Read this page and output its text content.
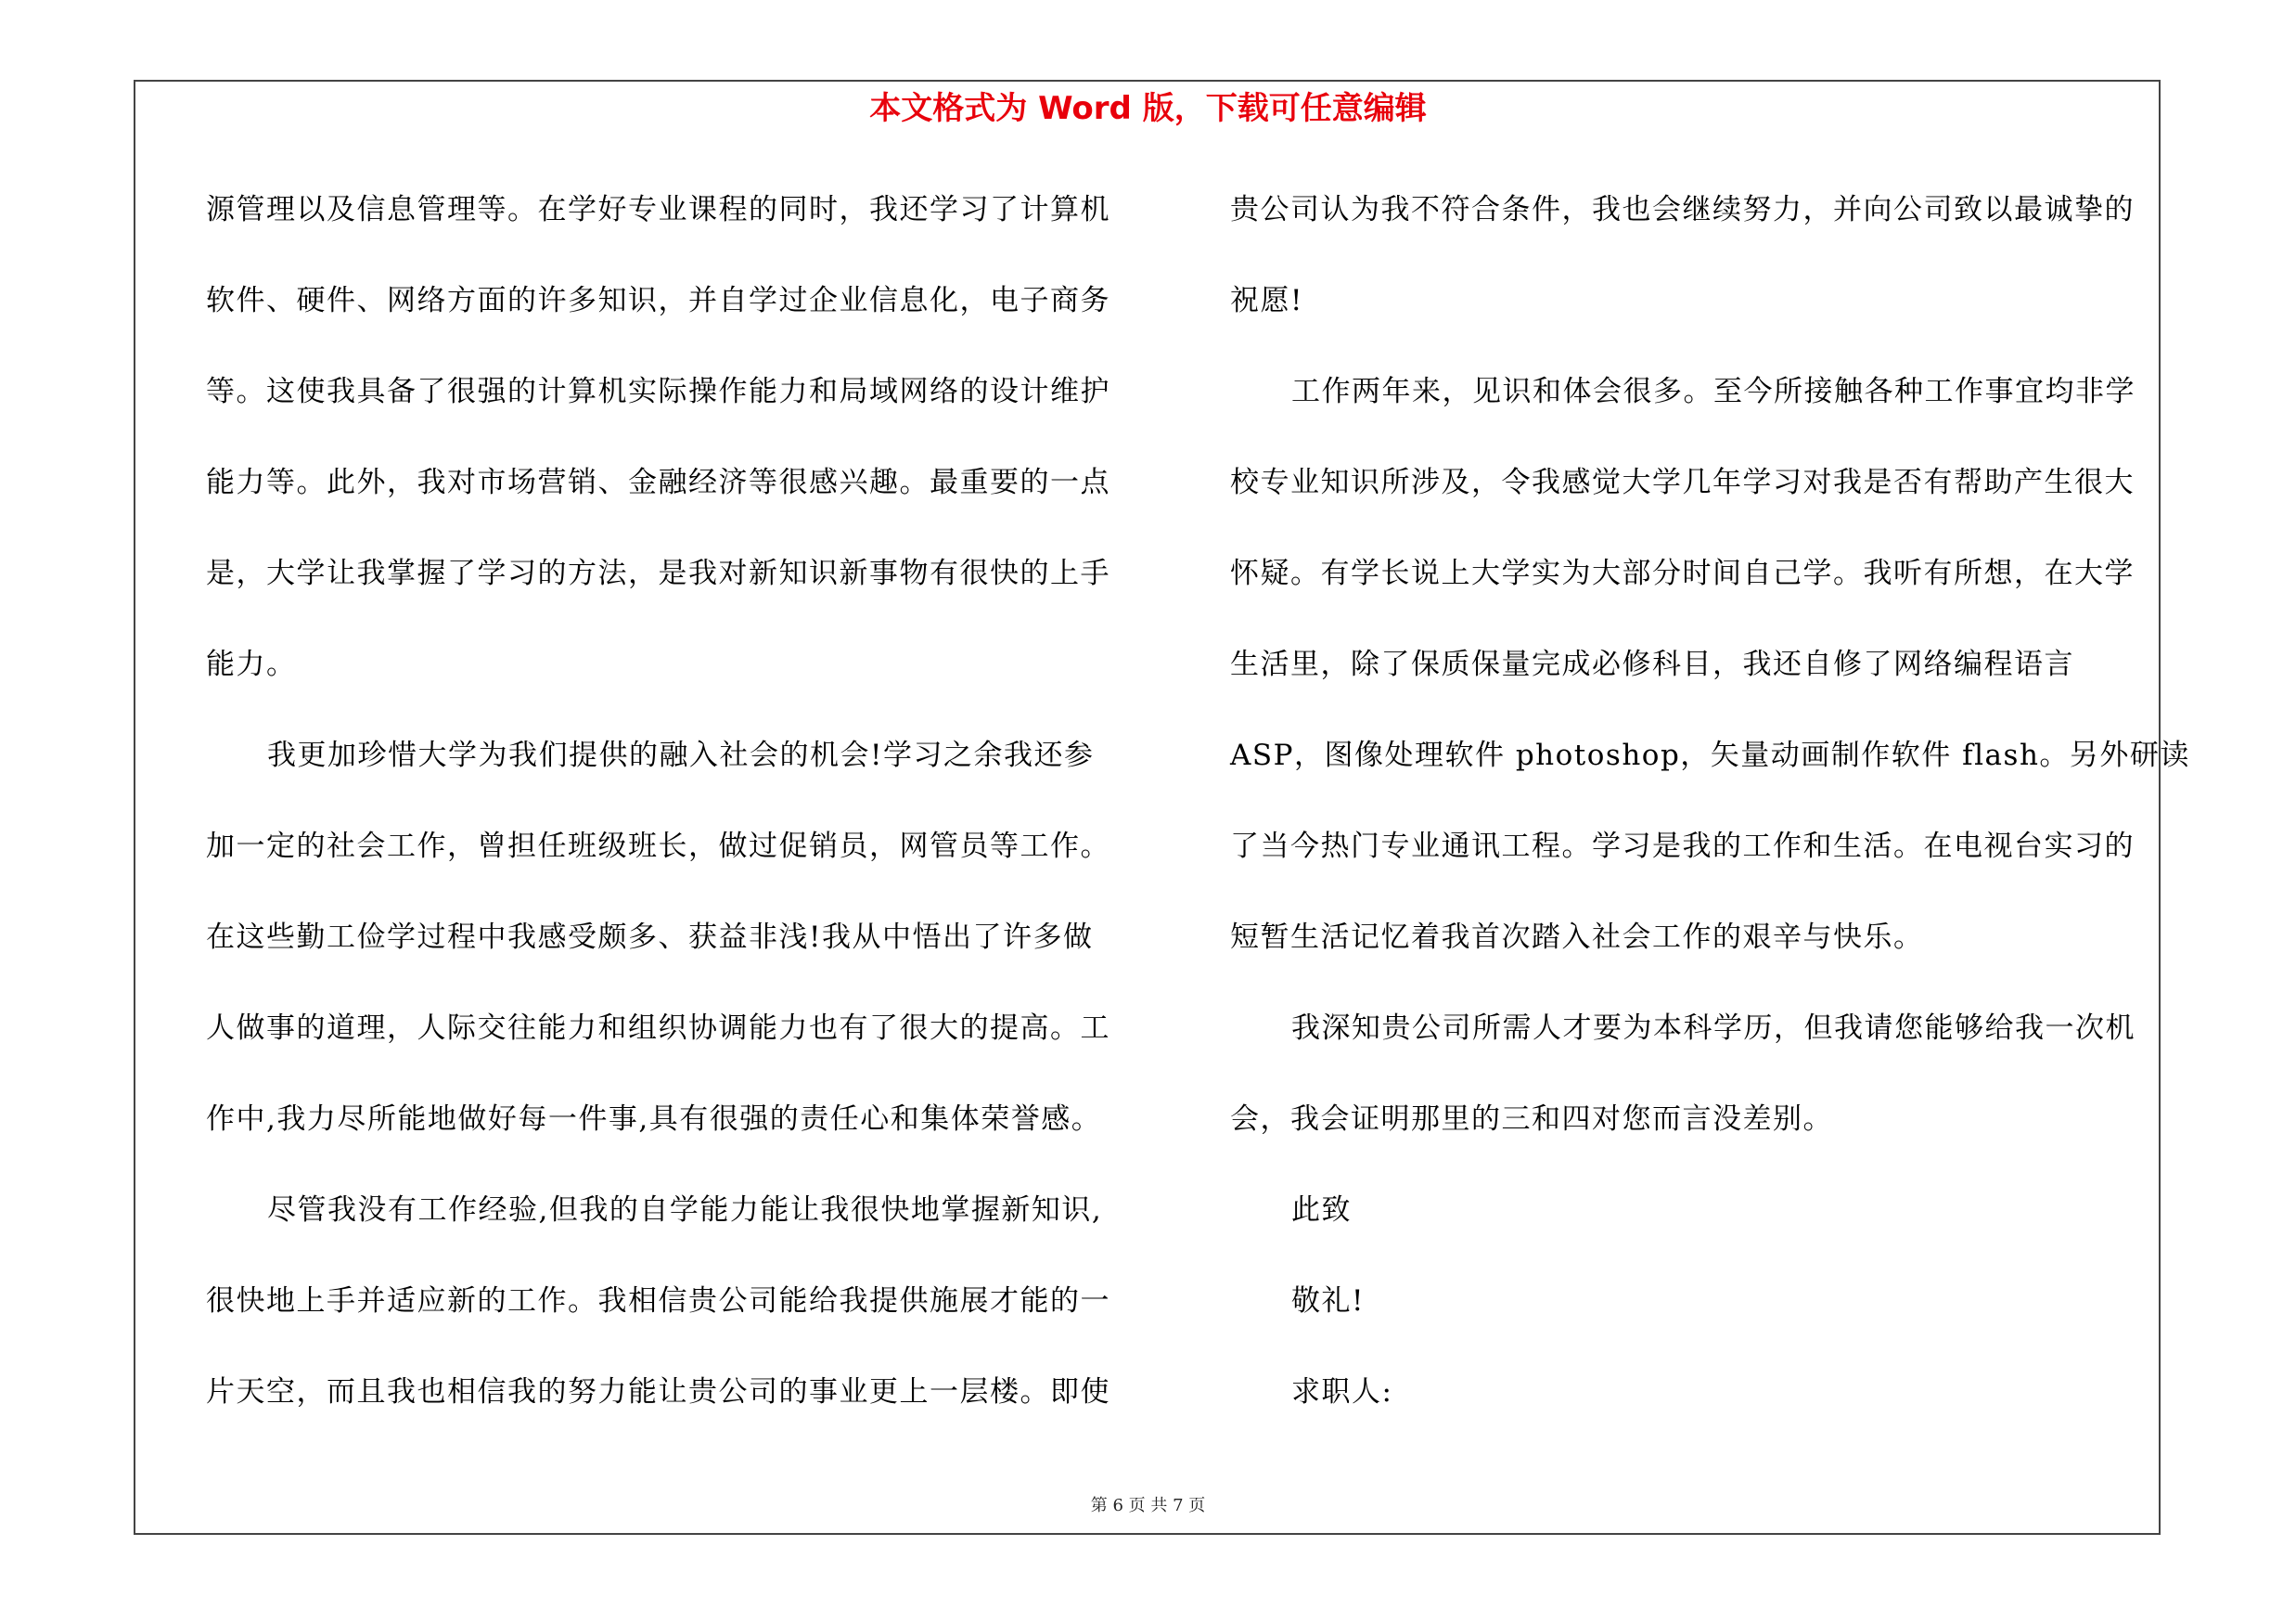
本文格式为 Word 版，下载可任意编辑
源管理以及信息管理等。在学好专业课程的同时，我还学习了计算机
软件、硬件、网络方面的许多知识，并自学过企业信息化，电子商务
等。这使我具备了很强的计算机实际操作能力和局域网络的设计维护
能力等。此外，我对市场营销、金融经济等很感兴趣。最重要的一点
是，大学让我掌握了学习的方法，是我对新知识新事物有很快的上手
能力。
我更加珍惜大学为我们提供的融入社会的机会!学习之余我还参
加一定的社会工作，曾担任班级班长，做过促销员，网管员等工作。
在这些勤工俭学过程中我感受颇多、获益非浅!我从中悟出了许多做
人做事的道理，人际交往能力和组织协调能力也有了很大的提高。工
作中,我力尽所能地做好每一件事,具有很强的责任心和集体荣誉感。
尽管我没有工作经验,但我的自学能力能让我很快地掌握新知识,
很快地上手并适应新的工作。我相信贵公司能给我提供施展才能的一
片天空，而且我也相信我的努力能让贵公司的事业更上一层楼。即使
贵公司认为我不符合条件，我也会继续努力，并向公司致以最诚挚的
祝愿!
工作两年来，见识和体会很多。至今所接触各种工作事宜均非学
校专业知识所涉及，令我感觉大学几年学习对我是否有帮助产生很大
怀疑。有学长说上大学实为大部分时间自己学。我听有所想，在大学
生活里，除了保质保量完成必修科目，我还自修了网络编程语言
ASP，图像处理软件 photoshop，矢量动画制作软件 flash。另外研读
了当今热门专业通讯工程。学习是我的工作和生活。在电视台实习的
短暂生活记忆着我首次踏入社会工作的艰辛与快乐。
我深知贵公司所需人才要为本科学历，但我请您能够给我一次机
会，我会证明那里的三和四对您而言没差别。
此致
敬礼!
求职人:
第 6 页 共 7 页
